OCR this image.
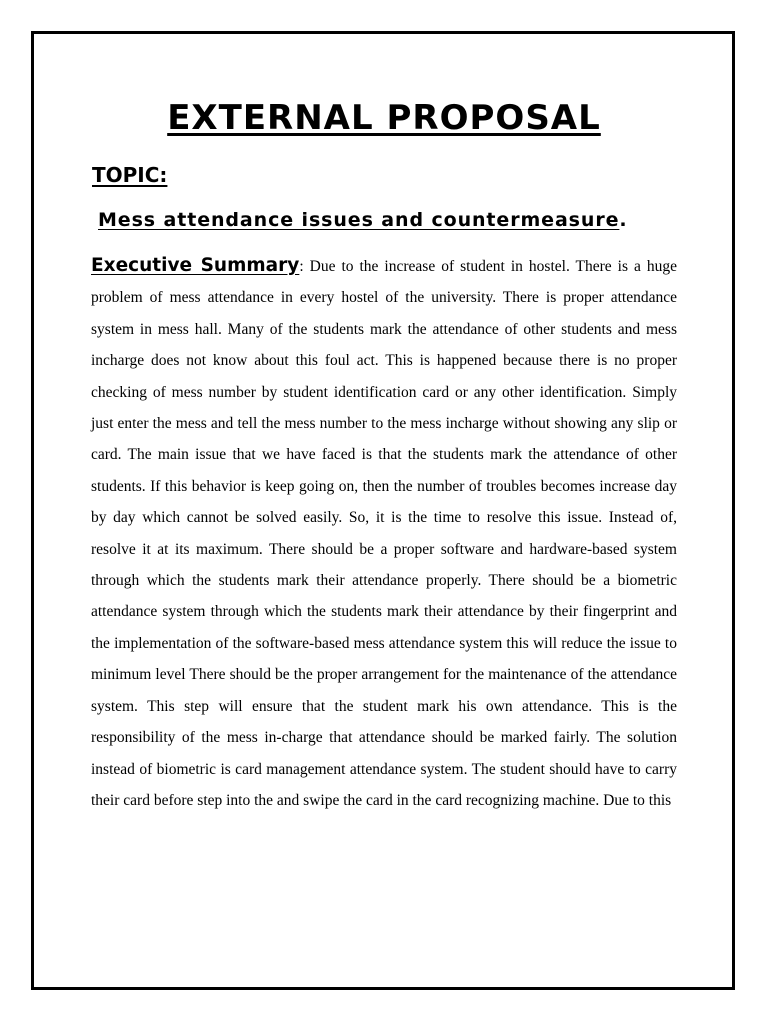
EXTERNAL PROPOSAL
TOPIC:
Mess attendance issues and countermeasure.
Executive Summary: Due to the increase of student in hostel. There is a huge problem of mess attendance in every hostel of the university. There is proper attendance system in mess hall. Many of the students mark the attendance of other students and mess incharge does not know about this foul act. This is happened because there is no proper checking of mess number by student identification card or any other identification. Simply just enter the mess and tell the mess number to the mess incharge without showing any slip or card. The main issue that we have faced is that the students mark the attendance of other students. If this behavior is keep going on, then the number of troubles becomes increase day by day which cannot be solved easily. So, it is the time to resolve this issue. Instead of, resolve it at its maximum. There should be a proper software and hardware-based system through which the students mark their attendance properly. There should be a biometric attendance system through which the students mark their attendance by their fingerprint and the implementation of the software-based mess attendance system this will reduce the issue to minimum level There should be the proper arrangement for the maintenance of the attendance system. This step will ensure that the student mark his own attendance. This is the responsibility of the mess in-charge that attendance should be marked fairly. The solution instead of biometric is card management attendance system. The student should have to carry their card before step into the and swipe the card in the card recognizing machine. Due to this
